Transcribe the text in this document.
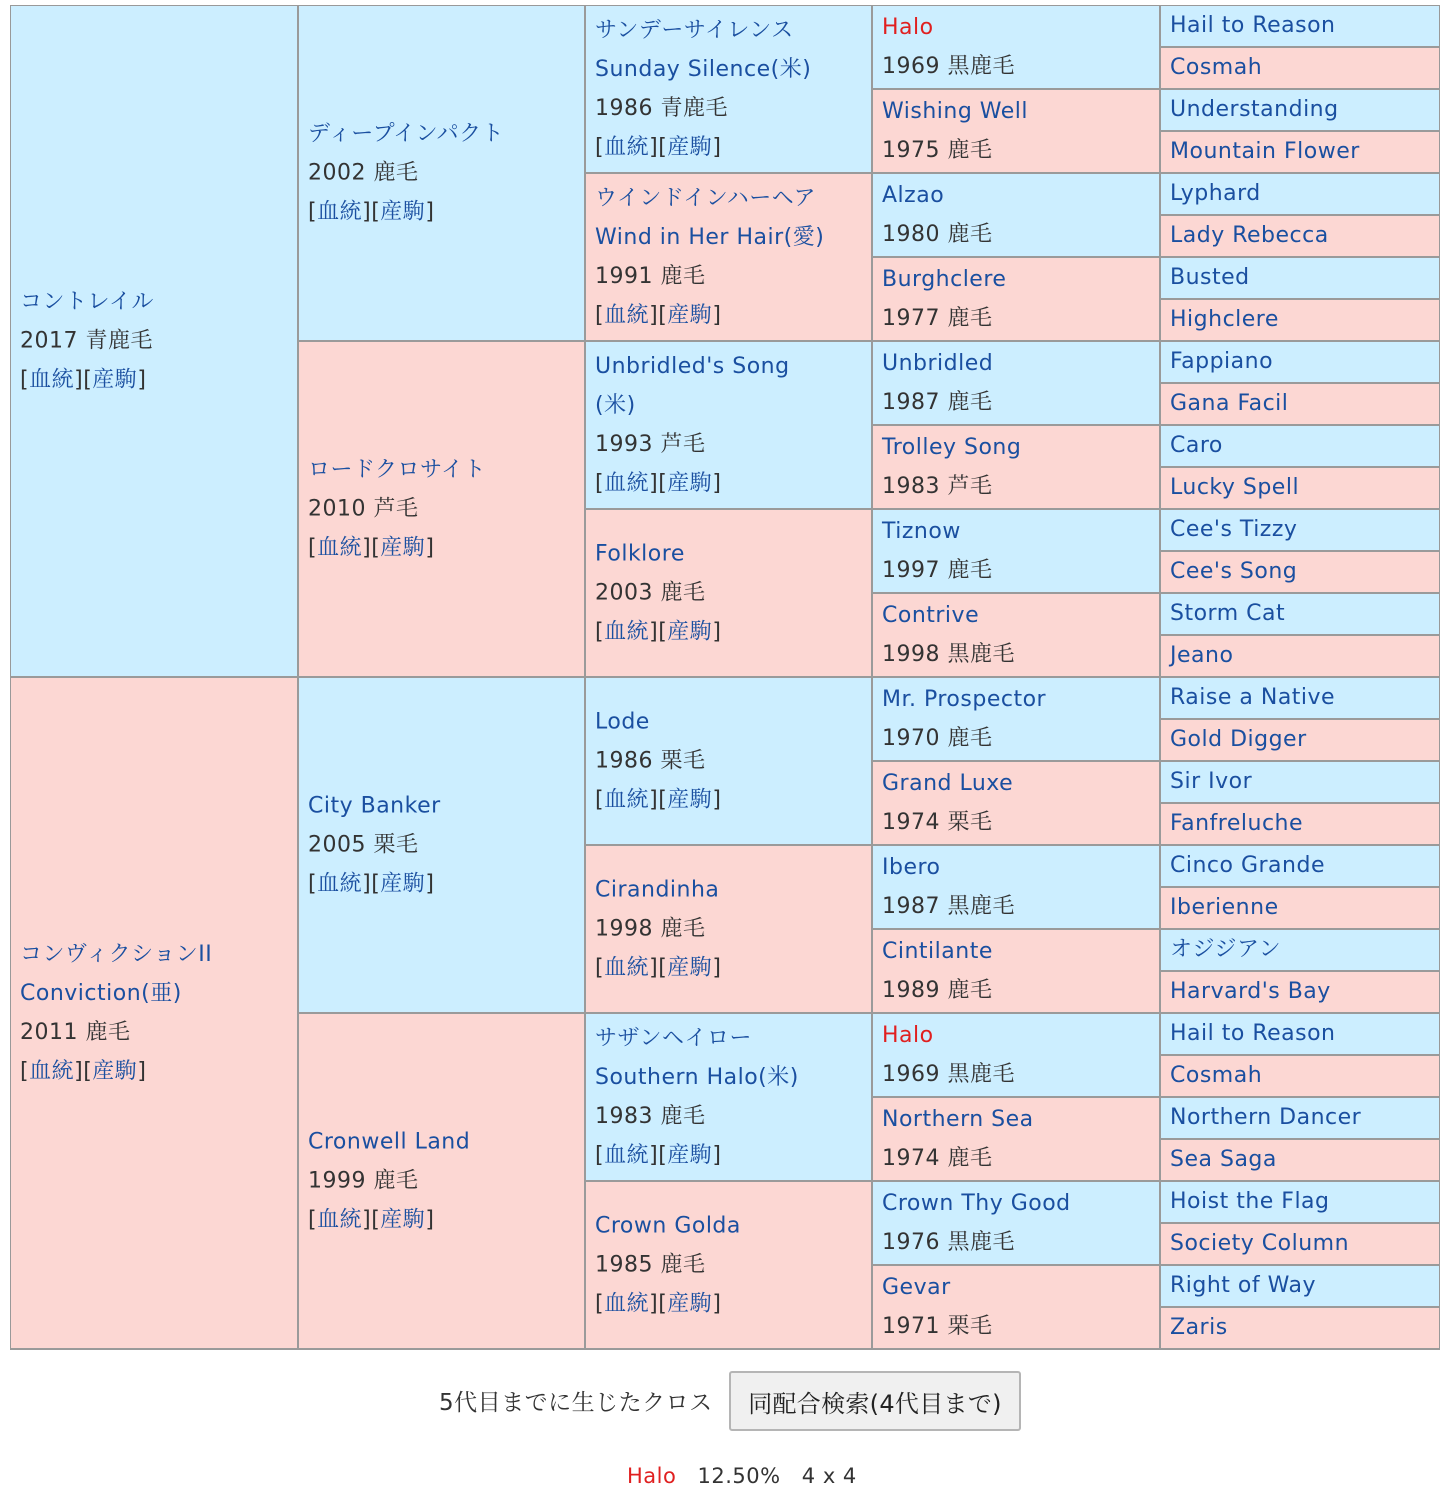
コントレイル
2017 青鹿毛
[血統][産駒]
ディープインパクト
2002 鹿毛
[血統][産駒]
サンデーサイレンス
Sunday Silence(米)
1986 青鹿毛
[血統][産駒]
Halo
1969 黒鹿毛
Hail to Reason
Cosmah
Wishing Well
1975 鹿毛
Understanding
Mountain Flower
ウインドインハーヘア
Wind in Her Hair(愛)
1991 鹿毛
[血統][産駒]
Alzao
1980 鹿毛
Lyphard
Lady Rebecca
Burghclere
1977 鹿毛
Busted
Highclere
ロードクロサイト
2010 芦毛
[血統][産駒]
Unbridled's Song
(米)
1993 芦毛
[血統][産駒]
Unbridled
1987 鹿毛
Fappiano
Gana Facil
Trolley Song
1983 芦毛
Caro
Lucky Spell
Folklore
2003 鹿毛
[血統][産駒]
Tiznow
1997 鹿毛
Cee's Tizzy
Cee's Song
Contrive
1998 黒鹿毛
Storm Cat
Jeano
コンヴィクションII
Conviction(亜)
2011 鹿毛
[血統][産駒]
City Banker
2005 栗毛
[血統][産駒]
Lode
1986 栗毛
[血統][産駒]
Mr. Prospector
1970 鹿毛
Raise a Native
Gold Digger
Grand Luxe
1974 栗毛
Sir Ivor
Fanfreluche
Cirandinha
1998 鹿毛
[血統][産駒]
Ibero
1987 黒鹿毛
Cinco Grande
Iberienne
Cintilante
1989 鹿毛
オジジアン
Harvard's Bay
Cronwell Land
1999 鹿毛
[血統][産駒]
サザンヘイロー
Southern Halo(米)
1983 鹿毛
[血統][産駒]
Halo
1969 黒鹿毛
Hail to Reason
Cosmah
Northern Sea
1974 鹿毛
Northern Dancer
Sea Saga
Crown Golda
1985 鹿毛
[血統][産駒]
Crown Thy Good
1976 黒鹿毛
Hoist the Flag
Society Column
Gevar
1971 栗毛
Right of Way
Zaris
5代目までに生じたクロス	同配合検索(4代目まで)
Halo 12.50% 4 x 4
